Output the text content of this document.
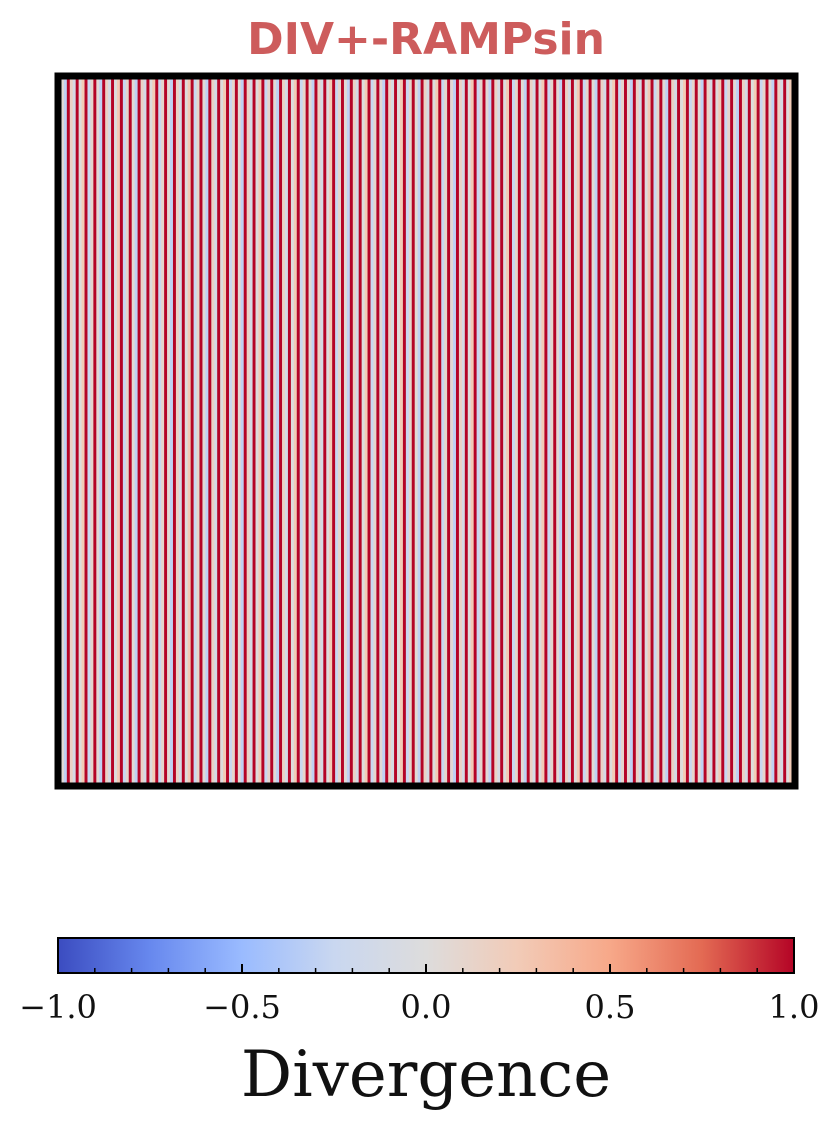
DIV+-RAMPsin
−1.0	−0.5	0.0	0.5	1.0
Divergence
